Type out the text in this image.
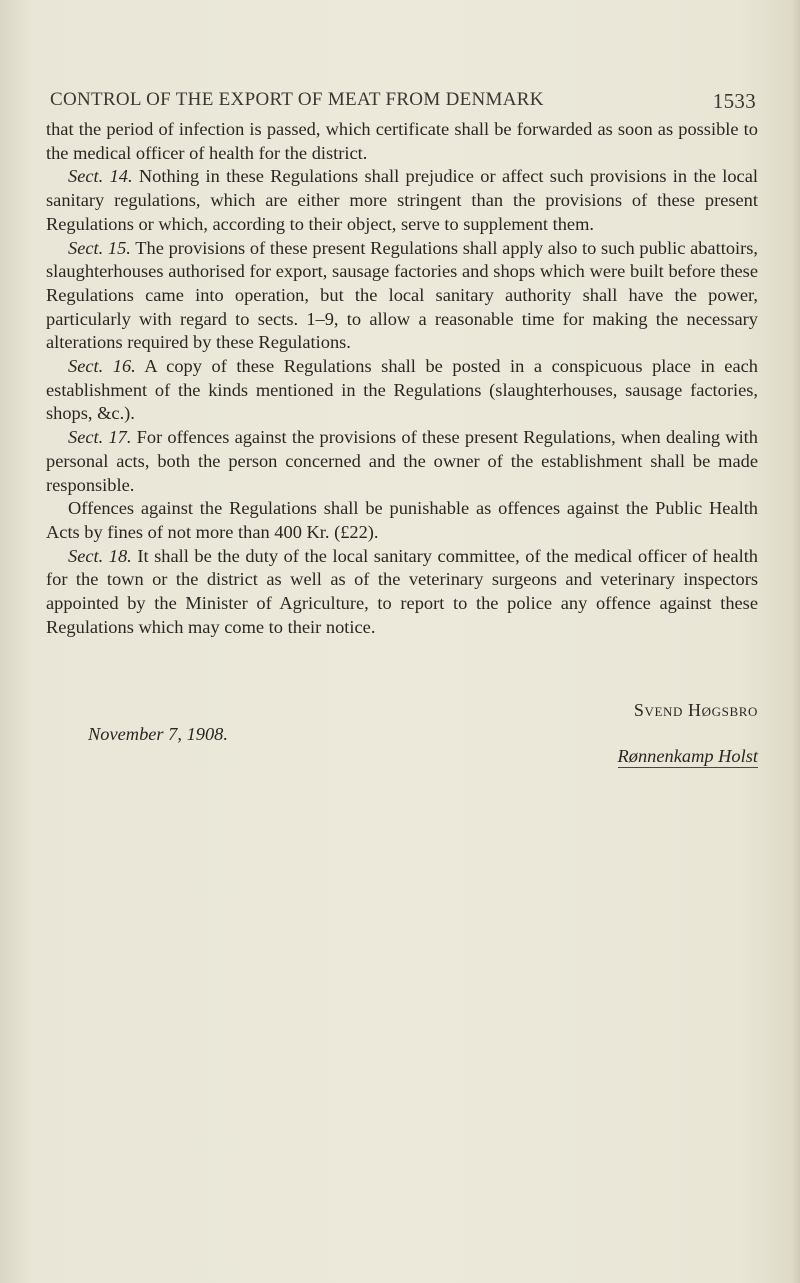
CONTROL OF THE EXPORT OF MEAT FROM DENMARK	1533

that the period of infection is passed, which certificate shall be forwarded as soon as possible to the medical officer of health for the district.

Sect. 14. Nothing in these Regulations shall prejudice or affect such provisions in the local sanitary regulations, which are either more stringent than the provisions of these present Regulations or which, according to their object, serve to supplement them.

Sect. 15. The provisions of these present Regulations shall apply also to such public abattoirs, slaughterhouses authorised for export, sausage factories and shops which were built before these Regulations came into operation, but the local sanitary authority shall have the power, particularly with regard to sects. 1–9, to allow a reasonable time for making the necessary alterations required by these Regulations.

Sect. 16. A copy of these Regulations shall be posted in a conspicuous place in each establishment of the kinds mentioned in the Regulations (slaughterhouses, sausage factories, shops, &c.).

Sect. 17. For offences against the provisions of these present Regulations, when dealing with personal acts, both the person concerned and the owner of the establishment shall be made responsible.

Offences against the Regulations shall be punishable as offences against the Public Health Acts by fines of not more than 400 Kr. (£22).

Sect. 18. It shall be the duty of the local sanitary committee, of the medical officer of health for the town or the district as well as of the veterinary surgeons and veterinary inspectors appointed by the Minister of Agriculture, to report to the police any offence against these Regulations which may come to their notice.

Svend Høgsbro
November 7, 1908.
Rønnenkamp Holst
